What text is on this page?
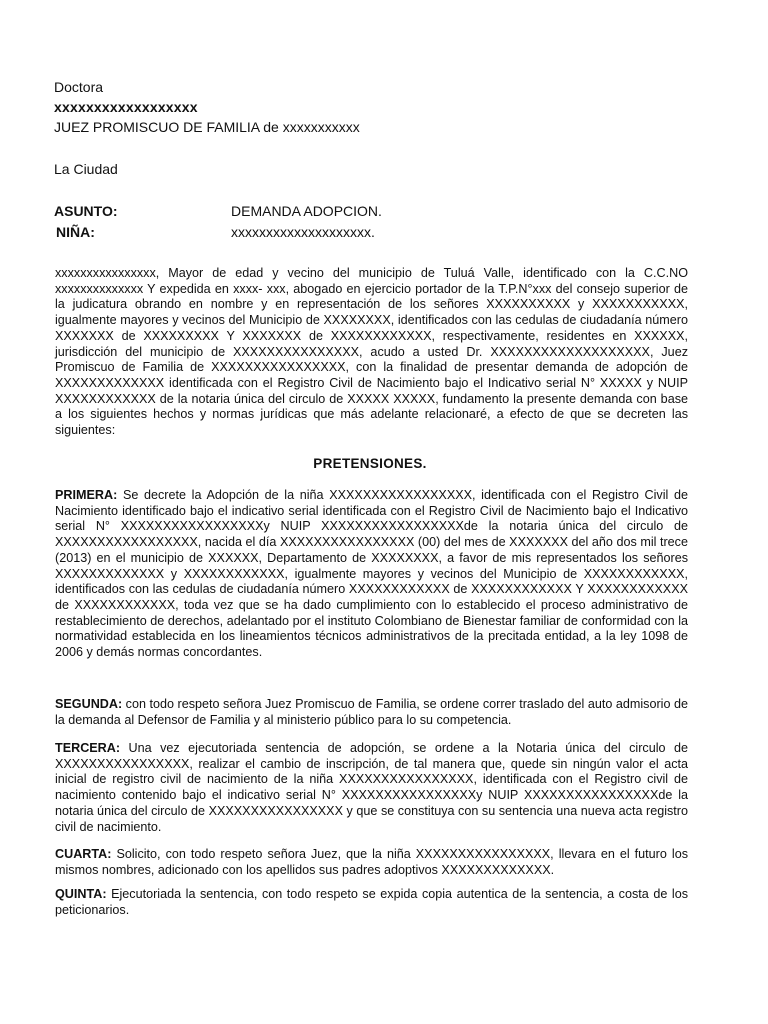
Doctora
xxxxxxxxxxxxxxxxxx
JUEZ PROMISCUO DE FAMILIA de xxxxxxxxxxx
La Ciudad
ASUNTO:	DEMANDA ADOPCION.
NIÑA:	xxxxxxxxxxxxxxxxxxxx.
xxxxxxxxxxxxxxxx, Mayor de edad y vecino del municipio de Tuluá Valle, identificado con la C.C.NO xxxxxxxxxxxxxx Y expedida en xxxx- xxx, abogado en ejercicio portador de la T.P.N°xxx del consejo superior de la judicatura obrando en nombre y en representación de los señores XXXXXXXXXX y XXXXXXXXXXX, igualmente mayores y vecinos del Municipio de XXXXXXXX, identificados con las cedulas de ciudadanía número XXXXXXX de XXXXXXXXX Y XXXXXXX de XXXXXXXXXXXX, respectivamente, residentes en XXXXXX, jurisdicción del municipio de XXXXXXXXXXXXXXX, acudo a usted Dr. XXXXXXXXXXXXXXXXXXX, Juez Promiscuo de Familia de XXXXXXXXXXXXXXXX, con la finalidad de presentar demanda de adopción de XXXXXXXXXXXXX identificada con el Registro Civil de Nacimiento bajo el Indicativo serial N° XXXXX y NUIP XXXXXXXXXXXX de la notaria única del circulo de XXXXX XXXXX, fundamento la presente demanda con base a los siguientes hechos y normas jurídicas que más adelante relacionaré, a efecto de que se decreten las siguientes:
PRETENSIONES.
PRIMERA: Se decrete la Adopción de la niña XXXXXXXXXXXXXXXXX, identificada con el Registro Civil de Nacimiento identificado bajo el indicativo serial identificada con el Registro Civil de Nacimiento bajo el Indicativo serial N° XXXXXXXXXXXXXXXXXy NUIP XXXXXXXXXXXXXXXXXde la notaria única del circulo de XXXXXXXXXXXXXXXXX, nacida el día XXXXXXXXXXXXXXXX (00) del mes de XXXXXXX del año dos mil trece (2013) en el municipio de XXXXXX, Departamento de XXXXXXXX, a favor de mis representados los señores XXXXXXXXXXXXX y XXXXXXXXXXXX, igualmente mayores y vecinos del Municipio de XXXXXXXXXXXX, identificados con las cedulas de ciudadanía número XXXXXXXXXXXX de XXXXXXXXXXXX Y XXXXXXXXXXXX de XXXXXXXXXXXX, toda vez que se ha dado cumplimiento con lo establecido el proceso administrativo de restablecimiento de derechos, adelantado por el instituto Colombiano de Bienestar familiar de conformidad con la normatividad establecida en los lineamientos técnicos administrativos de la precitada entidad, a la ley 1098 de 2006 y demás normas concordantes.
SEGUNDA: con todo respeto señora Juez Promiscuo de Familia, se ordene correr traslado del auto admisorio de la demanda al Defensor de Familia y al ministerio público para lo su competencia.
TERCERA: Una vez ejecutoriada sentencia de adopción, se ordene a la Notaria única del circulo de XXXXXXXXXXXXXXXX, realizar el cambio de inscripción, de tal manera que, quede sin ningún valor el acta inicial de registro civil de nacimiento de la niña XXXXXXXXXXXXXXXX, identificada con el Registro civil de nacimiento contenido bajo el indicativo serial N° XXXXXXXXXXXXXXXXy NUIP XXXXXXXXXXXXXXXXde la notaria única del circulo de XXXXXXXXXXXXXXXX y que se constituya con su sentencia una nueva acta registro civil de nacimiento.
CUARTA: Solicito, con todo respeto señora Juez, que la niña XXXXXXXXXXXXXXXX, llevara en el futuro los mismos nombres, adicionado con los apellidos sus padres adoptivos XXXXXXXXXXXXX.
QUINTA: Ejecutoriada la sentencia, con todo respeto se expida copia autentica de la sentencia, a costa de los peticionarios.
